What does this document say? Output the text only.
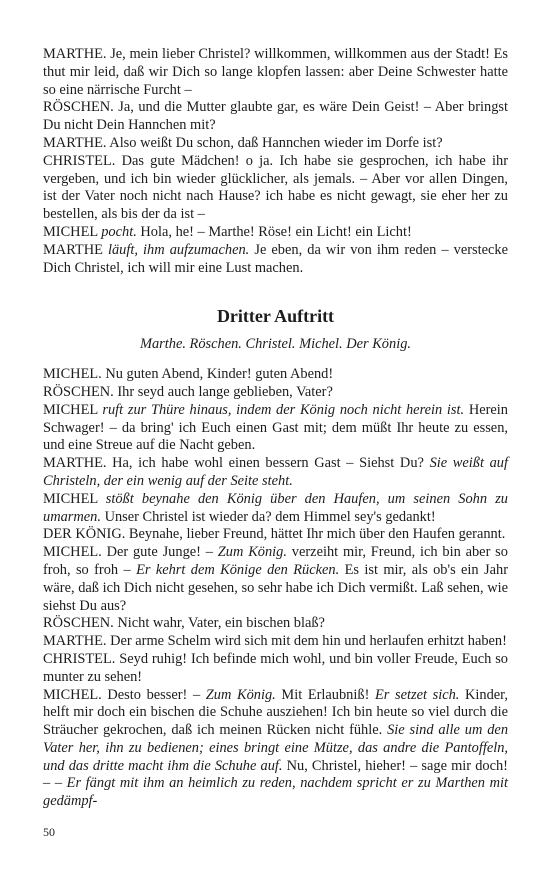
MARTHE. Je, mein lieber Christel? willkommen, willkommen aus der Stadt! Es thut mir leid, daß wir Dich so lange klopfen lassen: aber Deine Schwester hatte so eine närrische Furcht –
RÖSCHEN. Ja, und die Mutter glaubte gar, es wäre Dein Geist! – Aber bringst Du nicht Dein Hannchen mit?
MARTHE. Also weißt Du schon, daß Hannchen wieder im Dorfe ist?
CHRISTEL. Das gute Mädchen! o ja. Ich habe sie gesprochen, ich habe ihr vergeben, und ich bin wieder glücklicher, als jemals. – Aber vor allen Dingen, ist der Vater noch nicht nach Hause? ich habe es nicht gewagt, sie eher her zu bestellen, als bis der da ist –
MICHEL pocht. Hola, he! – Marthe! Röse! ein Licht! ein Licht!
MARTHE läuft, ihm aufzumachen. Je eben, da wir von ihm reden – verstecke Dich Christel, ich will mir eine Lust machen.
Dritter Auftritt
Marthe. Röschen. Christel. Michel. Der König.
MICHEL. Nu guten Abend, Kinder! guten Abend!
RÖSCHEN. Ihr seyd auch lange geblieben, Vater?
MICHEL ruft zur Thüre hinaus, indem der König noch nicht herein ist. Herein Schwager! – da bring' ich Euch einen Gast mit; dem müßt Ihr heute zu essen, und eine Streue auf die Nacht geben.
MARTHE. Ha, ich habe wohl einen bessern Gast – Siehst Du? Sie weißt auf Christeln, der ein wenig auf der Seite steht.
MICHEL stößt beynahe den König über den Haufen, um seinen Sohn zu umarmen. Unser Christel ist wieder da? dem Himmel sey's gedankt!
DER KÖNIG. Beynahe, lieber Freund, hättet Ihr mich über den Haufen gerannt.
MICHEL. Der gute Junge! – Zum König. verzeiht mir, Freund, ich bin aber so froh, so froh – Er kehrt dem Könige den Rücken. Es ist mir, als ob's ein Jahr wäre, daß ich Dich nicht gesehen, so sehr habe ich Dich vermißt. Laß sehen, wie siehst Du aus?
RÖSCHEN. Nicht wahr, Vater, ein bischen blaß?
MARTHE. Der arme Schelm wird sich mit dem hin und herlaufen erhitzt haben!
CHRISTEL. Seyd ruhig! Ich befinde mich wohl, und bin voller Freude, Euch so munter zu sehen!
MICHEL. Desto besser! – Zum König. Mit Erlaubniß! Er setzet sich. Kinder, helft mir doch ein bischen die Schuhe ausziehen! Ich bin heute so viel durch die Sträucher gekrochen, daß ich meinen Rücken nicht fühle. Sie sind alle um den Vater her, ihn zu bedienen; eines bringt eine Mütze, das andre die Pantoffeln, und das dritte macht ihm die Schuhe auf. Nu, Christel, hieher! – sage mir doch! – – Er fängt mit ihm an heimlich zu reden, nachdem spricht er zu Marthen mit gedämpf-
50
